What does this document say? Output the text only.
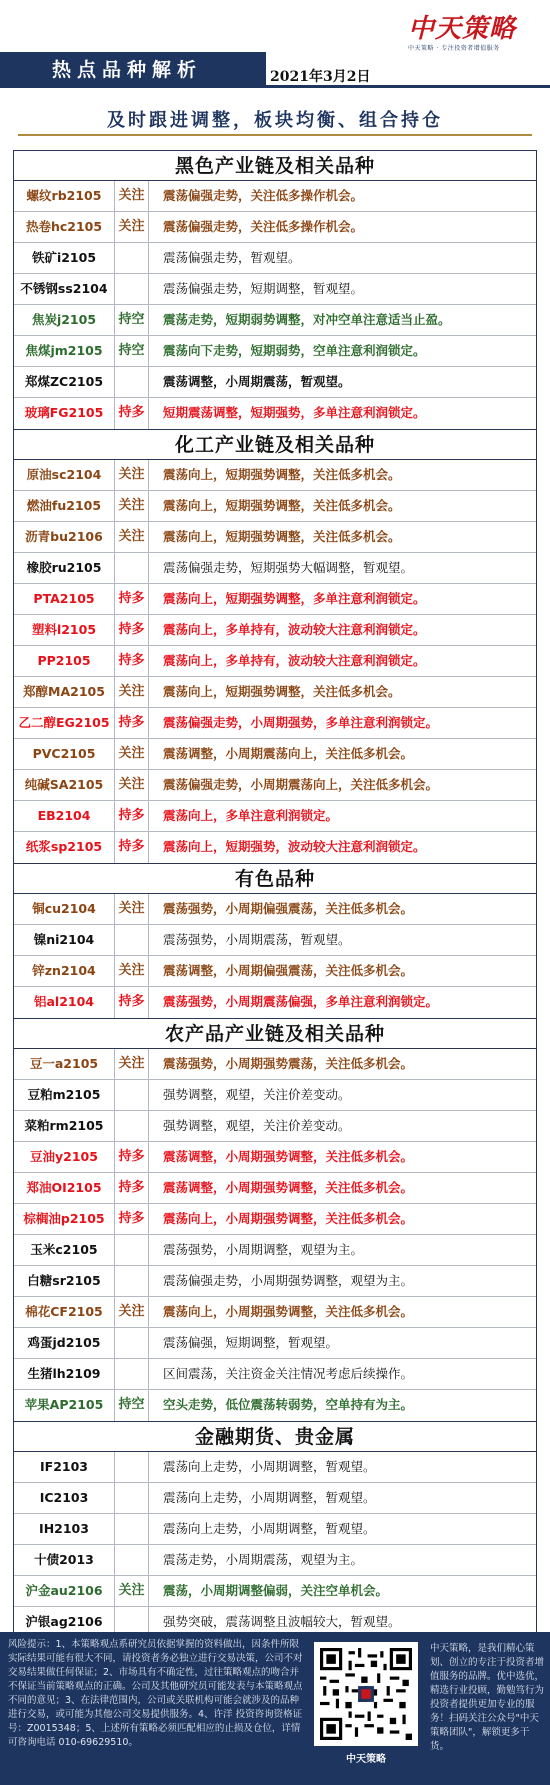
中天策略
中天策略 · 专注投资者增值服务
热点品种解析	2021年3月2日
及时跟进调整，板块均衡、组合持仓
黑色产业链及相关品种
螺纹rb2105	关注	震荡偏强走势，关注低多操作机会。
热卷hc2105	关注	震荡偏强走势，关注低多操作机会。
铁矿i2105	震荡偏强走势，暂观望。
不锈钢ss2104	震荡偏强走势，短期调整，暂观望。
焦炭j2105	持空	震荡走势，短期弱势调整，对冲空单注意适当止盈。
焦煤jm2105	持空	震荡向下走势，短期弱势，空单注意利润锁定。
郑煤ZC2105	震荡调整，小周期震荡，暂观望。
玻璃FG2105	持多	短期震荡调整，短期强势，多单注意利润锁定。
化工产业链及相关品种
原油sc2104	关注	震荡向上，短期强势调整，关注低多机会。
燃油fu2105	关注	震荡向上，短期强势调整，关注低多机会。
沥青bu2106	关注	震荡向上，短期强势调整，关注低多机会。
橡胶ru2105	震荡偏强走势，短期强势大幅调整，暂观望。
PTA2105	持多	震荡向上，短期强势调整，多单注意利润锁定。
塑料l2105	持多	震荡向上，多单持有，波动较大注意利润锁定。
PP2105	持多	震荡向上，多单持有，波动较大注意利润锁定。
郑醇MA2105	关注	震荡向上，短期强势调整，关注低多机会。
乙二醇EG2105 持多	震荡偏强走势，小周期强势，多单注意利润锁定。
PVC2105	关注	震荡调整，小周期震荡向上，关注低多机会。
纯碱SA2105	关注	震荡偏强走势，小周期震荡向上，关注低多机会。
EB2104	持多	震荡向上，多单注意利润锁定。
纸浆sp2105	持多	震荡向上，短期强势，波动较大注意利润锁定。
有色品种
铜cu2104	关注	震荡强势，小周期偏强震荡，关注低多机会。
镍ni2104	震荡强势，小周期震荡，暂观望。
锌zn2104	关注	震荡调整，小周期偏强震荡，关注低多机会。
铝al2104	持多	震荡强势，小周期震荡偏强，多单注意利润锁定。
农产品产业链及相关品种
豆一a2105	关注	震荡强势，小周期强势震荡，关注低多机会。
豆粕m2105	强势调整，观望，关注价差变动。
菜粕rm2105	强势调整，观望，关注价差变动。
豆油y2105	持多	震荡调整，小周期强势调整，关注低多机会。
郑油OI2105	持多	震荡调整，小周期强势调整，关注低多机会。
棕榈油p2105	持多	震荡向上，小周期强势调整，关注低多机会。
玉米c2105	震荡强势，小周期调整，观望为主。
白糖sr2105	震荡偏强走势，小周期强势调整，观望为主。
棉花CF2105	关注	震荡向上，小周期强势调整，关注低多机会。
鸡蛋jd2105	震荡偏强，短期调整，暂观望。
生猪lh2109	区间震荡，关注资金关注情况考虑后续操作。
苹果AP2105	持空	空头走势，低位震荡转弱势，空单持有为主。
金融期货、贵金属
IF2103	震荡向上走势，小周期调整，暂观望。
IC2103	震荡向上走势，小周期调整，暂观望。
IH2103	震荡向上走势，小周期调整，暂观望。
十债2013	震荡走势，小周期震荡，观望为主。
沪金au2106	关注	震荡，小周期调整偏弱，关注空单机会。
沪银ag2106	强势突破，震荡调整且波幅较大，暂观望。
风险提示：1、本策略观点系研究员依据掌握的资料做出，因条件所限实际结果可能有很大不同，请投资者务必独立进行交易决策，公司不对交易结果做任何保证；2、市场具有不确定性，过往策略观点的吻合并不保证当前策略观点的正确。公司及其他研究员可能发表与本策略观点不同的意见；3、在法律范围内，公司或关联机构可能会就涉及的品种进行交易，或可能为其他公司交易提供服务。4、许洋 投资咨询资格证号：Z0015348；5、上述所有策略必须匹配相应的止损及仓位，详情可咨询电话 010-69629510。
中天策略
中天策略，是我们精心策划、创立的专注于投资者增值服务的品牌。优中选优，精选行业投顾，勤勉笃行为投资者提供更加专业的服务！扫码关注公众号"中天策略团队"，解锁更多干货。
